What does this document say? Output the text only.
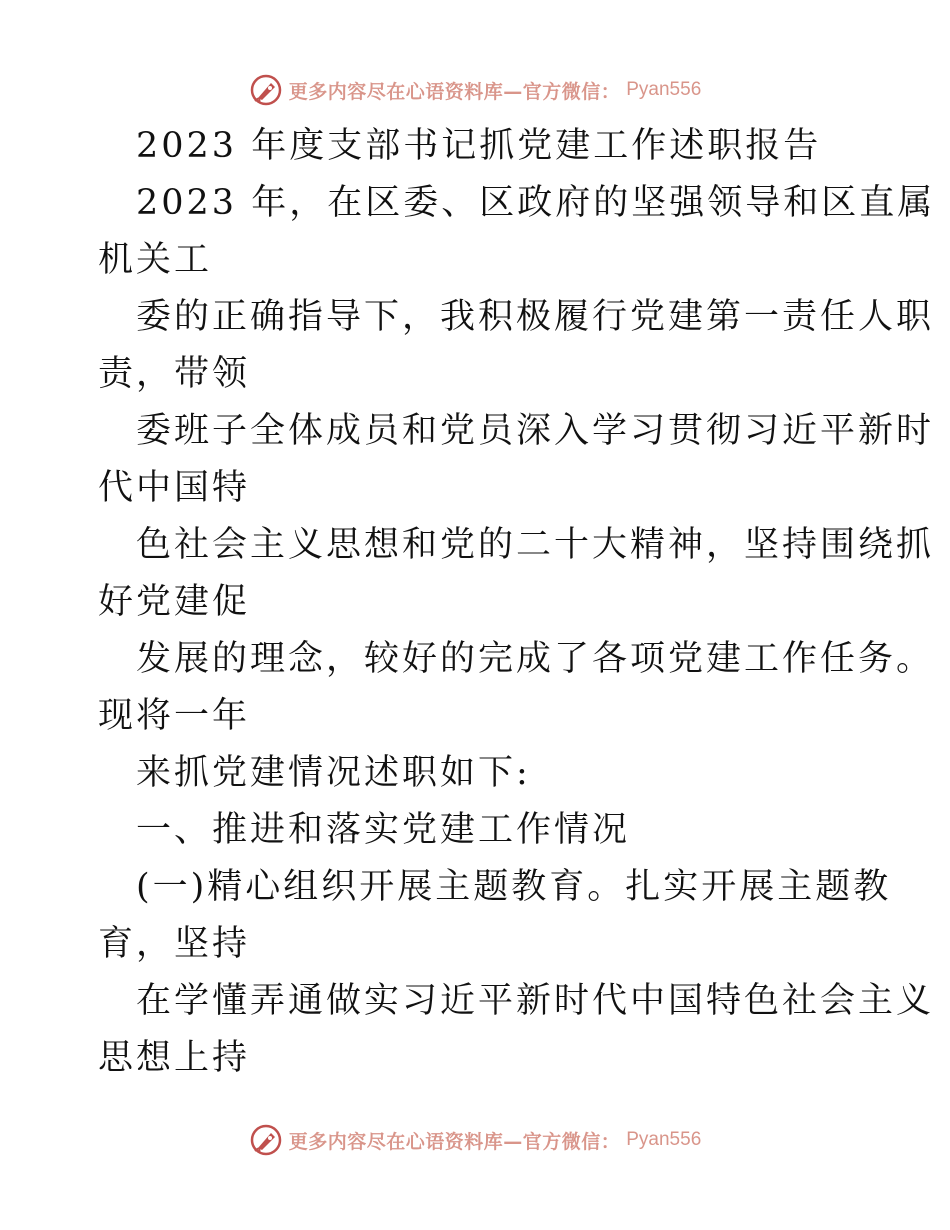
更多内容尽在心语资料库—官方微信： Pyan556

2023 年度支部书记抓党建工作述职报告

2023 年，在区委、区政府的坚强领导和区直属

机关工

委的正确指导下，我积极履行党建第一责任人职

责，带领

委班子全体成员和党员深入学习贯彻习近平新时

代中国特

色社会主义思想和党的二十大精神，坚持围绕抓

好党建促

发展的理念，较好的完成了各项党建工作任务。

现将一年

来抓党建情况述职如下:

一、推进和落实党建工作情况

(一)精心组织开展主题教育。扎实开展主题教

育，坚持

在学懂弄通做实习近平新时代中国特色社会主义

思想上持

更多内容尽在心语资料库—官方微信： Pyan556
